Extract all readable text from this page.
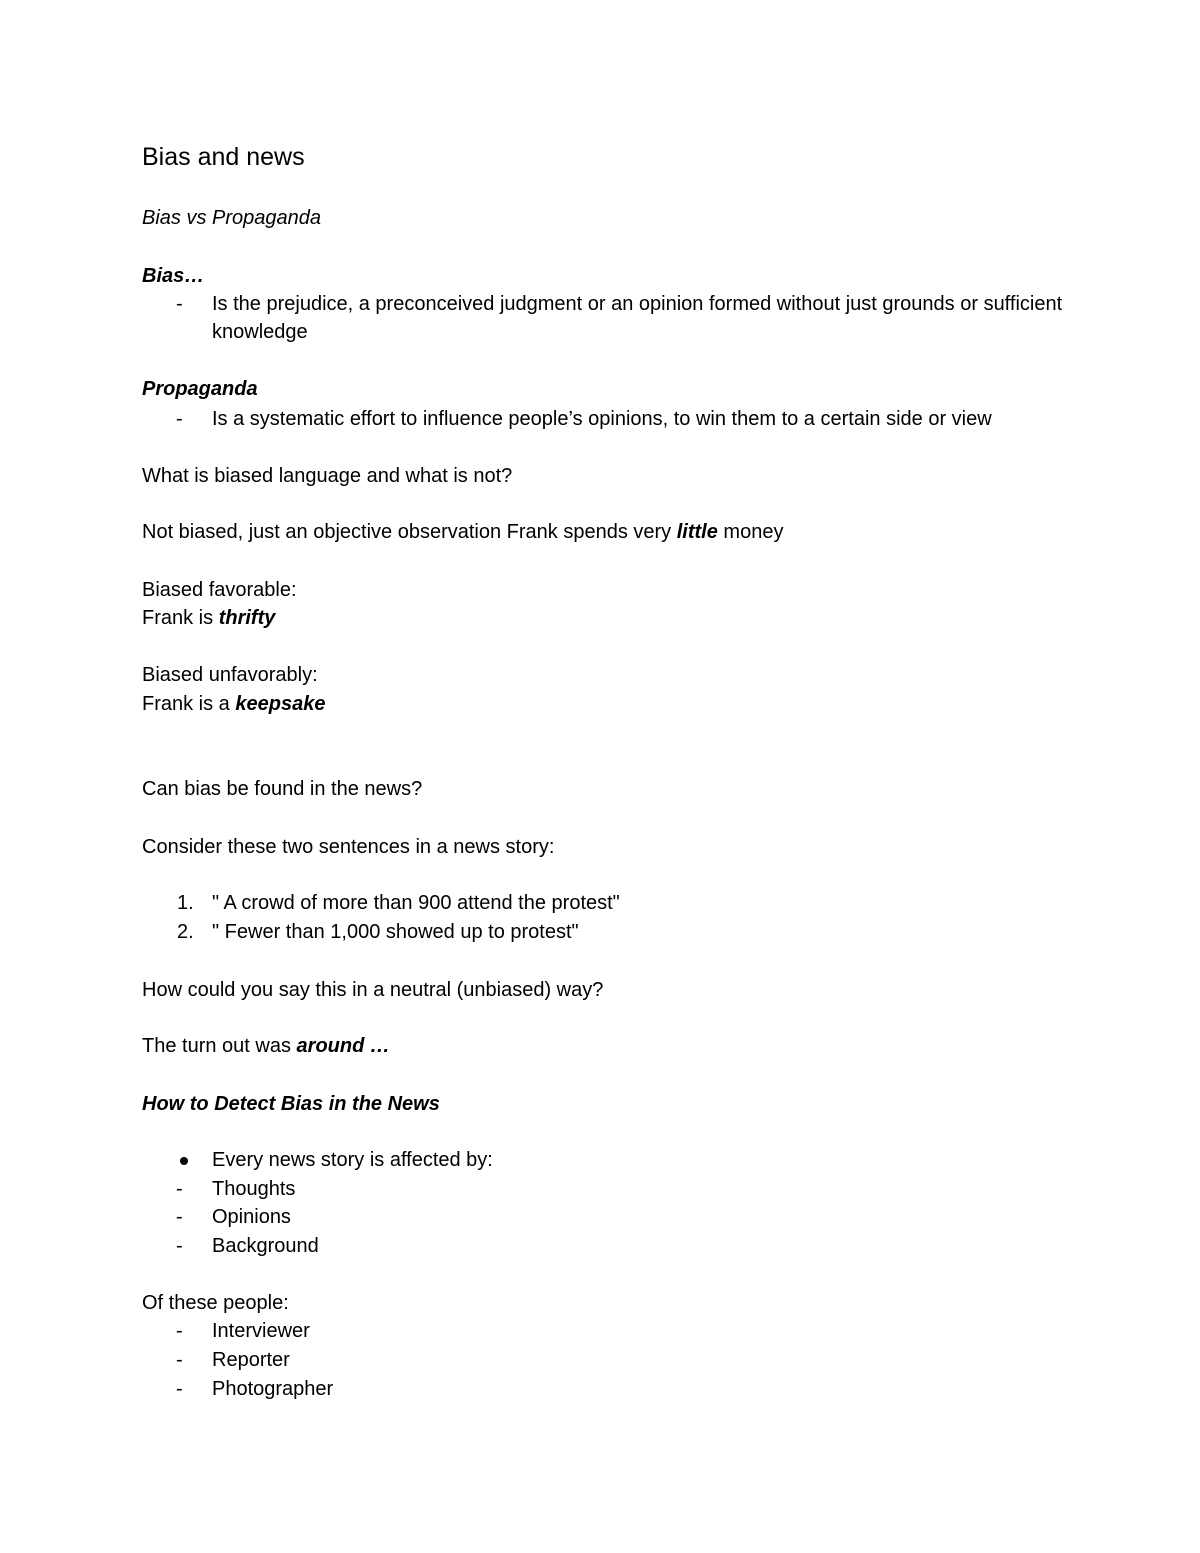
Bias and news
Bias vs Propaganda
Bias…
-	Is the prejudice, a preconceived judgment or an opinion formed without just grounds or sufficient knowledge
Propaganda
-	Is a systematic effort to influence people’s opinions, to win them to a certain side or view
What is biased language and what is not?
Not biased, just an objective observation Frank spends very little money
Biased favorable:
Frank is thrifty
Biased unfavorably:
Frank is a keepsake
Can bias be found in the news?
Consider these two sentences in a news story:
1. " A crowd of more than 900 attend the protest"
2. " Fewer than 1,000 showed up to protest"
How could you say this in a neutral (unbiased) way?
The turn out was around …
How to Detect Bias in the News
Every news story is affected by:
-	Thoughts
-	Opinions
-	Background
Of these people:
-	Interviewer
-	Reporter
-	Photographer
